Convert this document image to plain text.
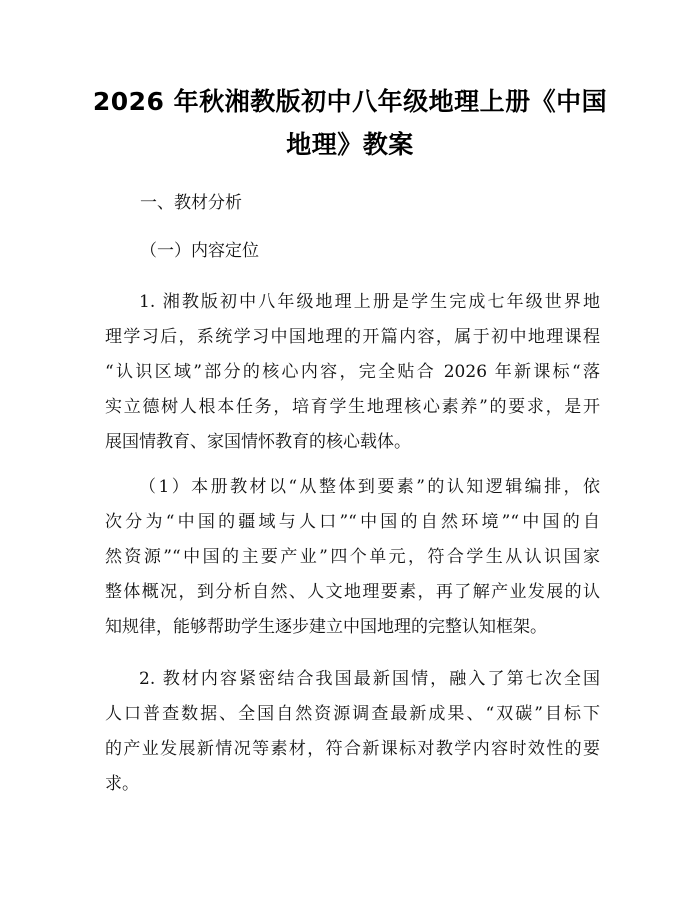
2026 年秋湘教版初中八年级地理上册《中国
地理》教案
一、教材分析
（一）内容定位
1. 湘教版初中八年级地理上册是学生完成七年级世界地
理学习后，系统学习中国地理的开篇内容，属于初中地理课程
“认识区域”部分的核心内容，完全贴合 2026 年新课标“落
实立德树人根本任务，培育学生地理核心素养”的要求，是开
展国情教育、家国情怀教育的核心载体。
（1）本册教材以“从整体到要素”的认知逻辑编排，依
次分为“中国的疆域与人口”“中国的自然环境”“中国的自
然资源”“中国的主要产业”四个单元，符合学生从认识国家
整体概况，到分析自然、人文地理要素，再了解产业发展的认
知规律，能够帮助学生逐步建立中国地理的完整认知框架。
2. 教材内容紧密结合我国最新国情，融入了第七次全国
人口普查数据、全国自然资源调查最新成果、“双碳”目标下
的产业发展新情况等素材，符合新课标对教学内容时效性的要
求。
